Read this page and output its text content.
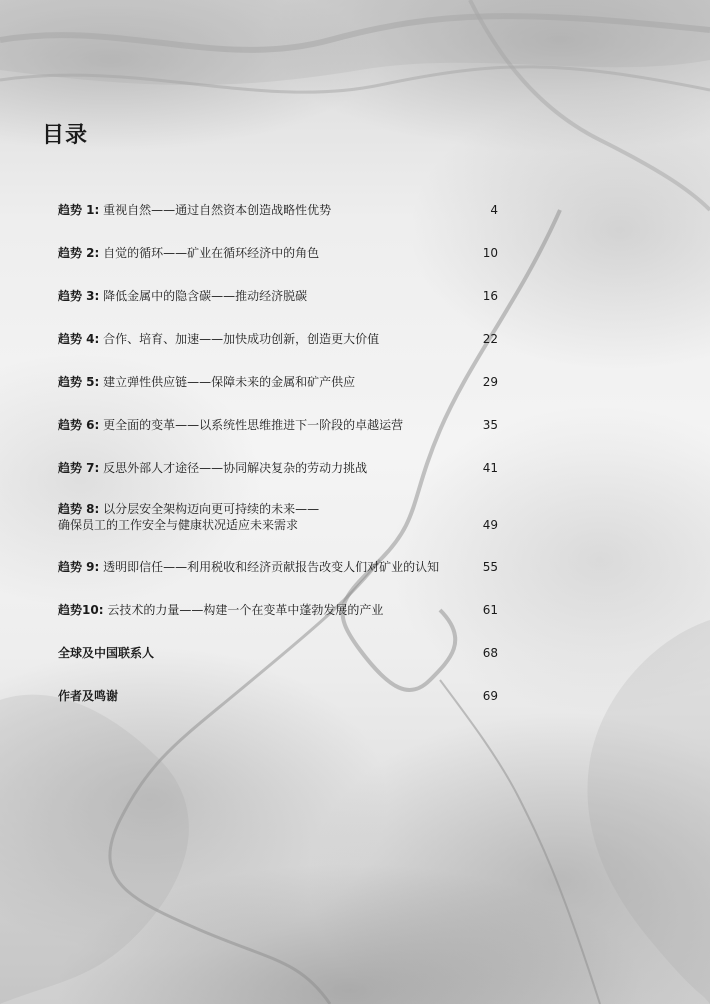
目录
趋势 1: 重视自然——通过自然资本创造战略性优势	4
趋势 2: 自觉的循环——矿业在循环经济中的角色	10
趋势 3: 降低金属中的隐含碳——推动经济脱碳	16
趋势 4: 合作、培育、加速——加快成功创新，创造更大价值	22
趋势 5: 建立弹性供应链——保障未来的金属和矿产供应	29
趋势 6: 更全面的变革——以系统性思维推进下一阶段的卓越运营	35
趋势 7: 反思外部人才途径——协同解决复杂的劳动力挑战	41
趋势 8: 以分层安全架构迈向更可持续的未来——
确保员工的工作安全与健康状况适应未来需求	49
趋势 9: 透明即信任——利用税收和经济贡献报告改变人们对矿业的认知	55
趋势10: 云技术的力量——构建一个在变革中蓬勃发展的产业	61
全球及中国联系人	68
作者及鸣谢	69
